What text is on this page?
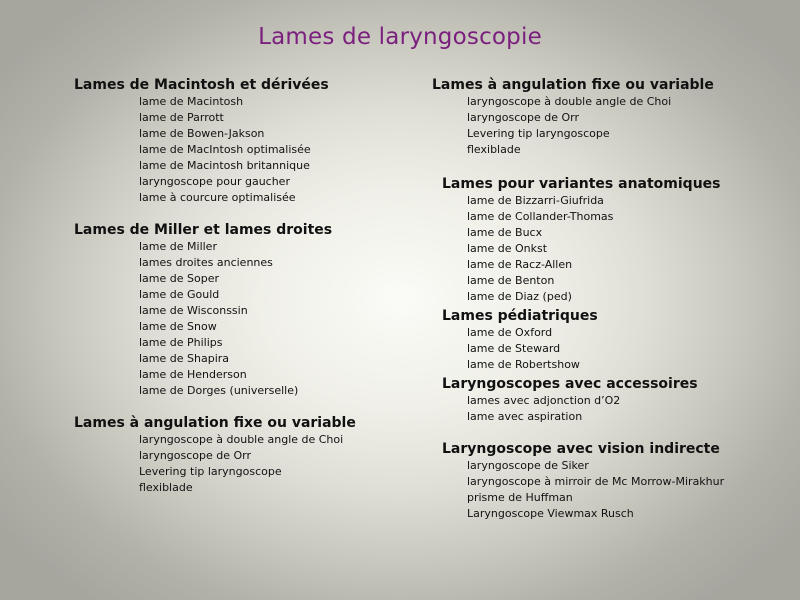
Lames de laryngoscopie
Lames de Macintosh et dérivées
lame de Macintosh
lame de Parrott
lame de Bowen-Jakson
lame de MacIntosh optimalisée
lame de Macintosh britannique
laryngoscope pour gaucher
lame à courcure optimalisée
Lames de Miller et lames droites
lame de Miller
lames droites anciennes
lame de Soper
lame de Gould
lame de Wisconssin
lame de Snow
lame de Philips
lame de Shapira
lame de Henderson
lame de Dorges (universelle)
Lames à angulation fixe ou variable
laryngoscope à double angle de Choi
laryngoscope de Orr
Levering tip laryngoscope
flexiblade
Lames à angulation fixe ou variable
laryngoscope à double angle de Choi
laryngoscope de Orr
Levering tip laryngoscope
flexiblade
Lames pour variantes anatomiques
lame de Bizzarri-Giufrida
lame de Collander-Thomas
lame de Bucx
lame de Onkst
lame de Racz-Allen
lame de Benton
lame de Diaz (ped)
Lames pédiatriques
lame de Oxford
lame de Steward
lame de Robertshow
Laryngoscopes avec accessoires
lames avec adjonction d’O2
lame avec aspiration
Laryngoscope avec vision indirecte
laryngoscope de Siker
laryngoscope à mirroir de Mc Morrow-Mirakhur
prisme de Huffman
Laryngoscope Viewmax Rusch
